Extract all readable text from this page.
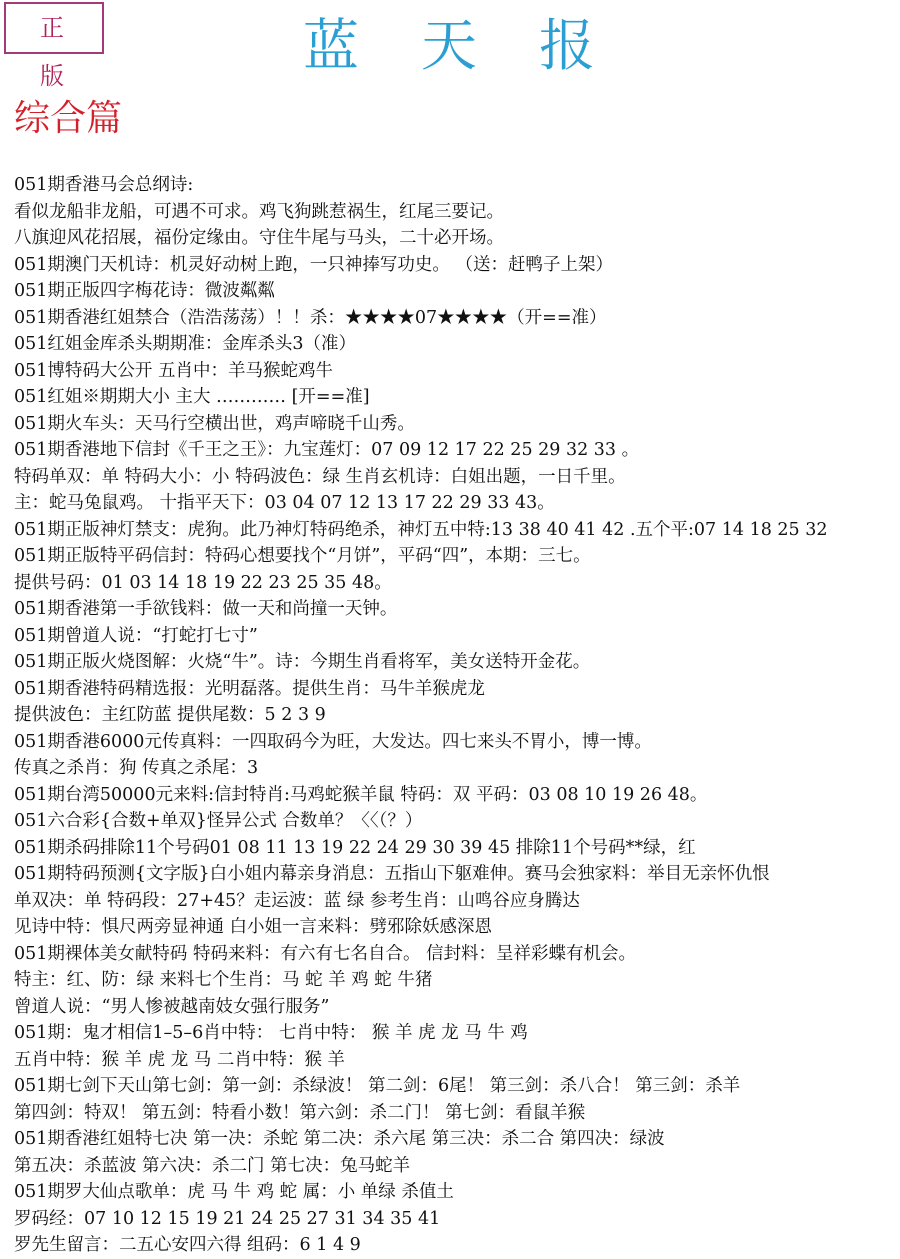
正 版	蓝天报
综合篇
051期香港马会总纲诗:
看似龙船非龙船，可遇不可求。鸡飞狗跳惹祸生，红尾三要记。
八旗迎风花招展，福份定缘由。守住牛尾与马头，二十必开场。
051期澳门天机诗：机灵好动树上跑，一只神捧写功史。 （送：赶鸭子上架）
051期正版四字梅花诗：微波粼粼
051期香港红姐禁合（浩浩荡荡）！！杀：★★★★07★★★★（开==准）
051红姐金库杀头期期准：金库杀头3（准）
051博特码大公开 五肖中：羊马猴蛇鸡牛
051红姐※期期大小 主大 ………… [开==准]
051期火车头：天马行空横出世，鸡声啼晓千山秀。
051期香港地下信封《千王之王》：九宝莲灯：07 09 12 17 22 25 29 32 33 。
特码单双：单 特码大小：小 特码波色：绿 生肖玄机诗：白姐出题，一日千里。
主：蛇马兔鼠鸡。 十指平天下：03 04 07 12 13 17 22 29 33 43。
051期正版神灯禁支：虎狗。此乃神灯特码绝杀，神灯五中特:13 38 40 41 42 .五个平:07 14 18 25 32
051期正版特平码信封：特码心想要找个“月饼”，平码“四”，本期：三七。
提供号码：01 03 14 18 19 22 23 25 35 48。
051期香港第一手欲钱料：做一天和尚撞一天钟。
051期曾道人说：“打蛇打七寸”
051期正版火烧图解：火烧“牛”。诗：今期生肖看将军，美女送特开金花。
051期香港特码精选报：光明磊落。提供生肖：马牛羊猴虎龙
提供波色：主红防蓝 提供尾数：5 2 3 9
051期香港6000元传真料：一四取码今为旺，大发达。四七来头不胃小，博一博。
传真之杀肖：狗 传真之杀尾：3
051期台湾50000元来料:信封特肖:马鸡蛇猴羊鼠 特码：双 平码：03 08 10 19 26 48。
051六合彩{合数+单双}怪异公式 合数单？〈〈（？）
051期杀码排除11个号码01 08 11 13 19 22 24 29 30 39 45 排除11个号码**绿，红
051期特码预测{文字版}白小姐内幕亲身消息：五指山下躯难伸。赛马会独家料：举目无亲怀仇恨
单双决：单 特码段：27+45？走运波：蓝 绿 参考生肖：山鸣谷应身腾达
见诗中特：惧尺两旁显神通 白小姐一言来料：劈邪除妖感深恩
051期裸体美女献特码 特码来料：有六有七名自合。 信封料：呈祥彩蝶有机会。
特主：红、防：绿 来料七个生肖：马 蛇 羊 鸡 蛇 牛猪
曾道人说：“男人惨被越南妓女强行服务”
051期：鬼才相信1–5–6肖中特： 七肖中特： 猴 羊 虎 龙 马 牛 鸡
五肖中特：猴 羊 虎 龙 马 二肖中特：猴 羊
051期七剑下天山第七剑：第一剑：杀绿波！ 第二剑：6尾！ 第三剑：杀八合！ 第三剑：杀羊
第四剑：特双！ 第五剑：特看小数！第六剑：杀二门！ 第七剑：看鼠羊猴
051期香港红姐特七决 第一决：杀蛇 第二决：杀六尾 第三决：杀二合 第四决：绿波
第五决：杀蓝波 第六决：杀二门 第七决：兔马蛇羊
051期罗大仙点歌单：虎 马 牛 鸡 蛇 属：小 单绿 杀值土
罗码经：07 10 12 15 19 21 24 25 27 31 34 35 41
罗先生留言：二五心安四六得 组码：6 1 4 9
